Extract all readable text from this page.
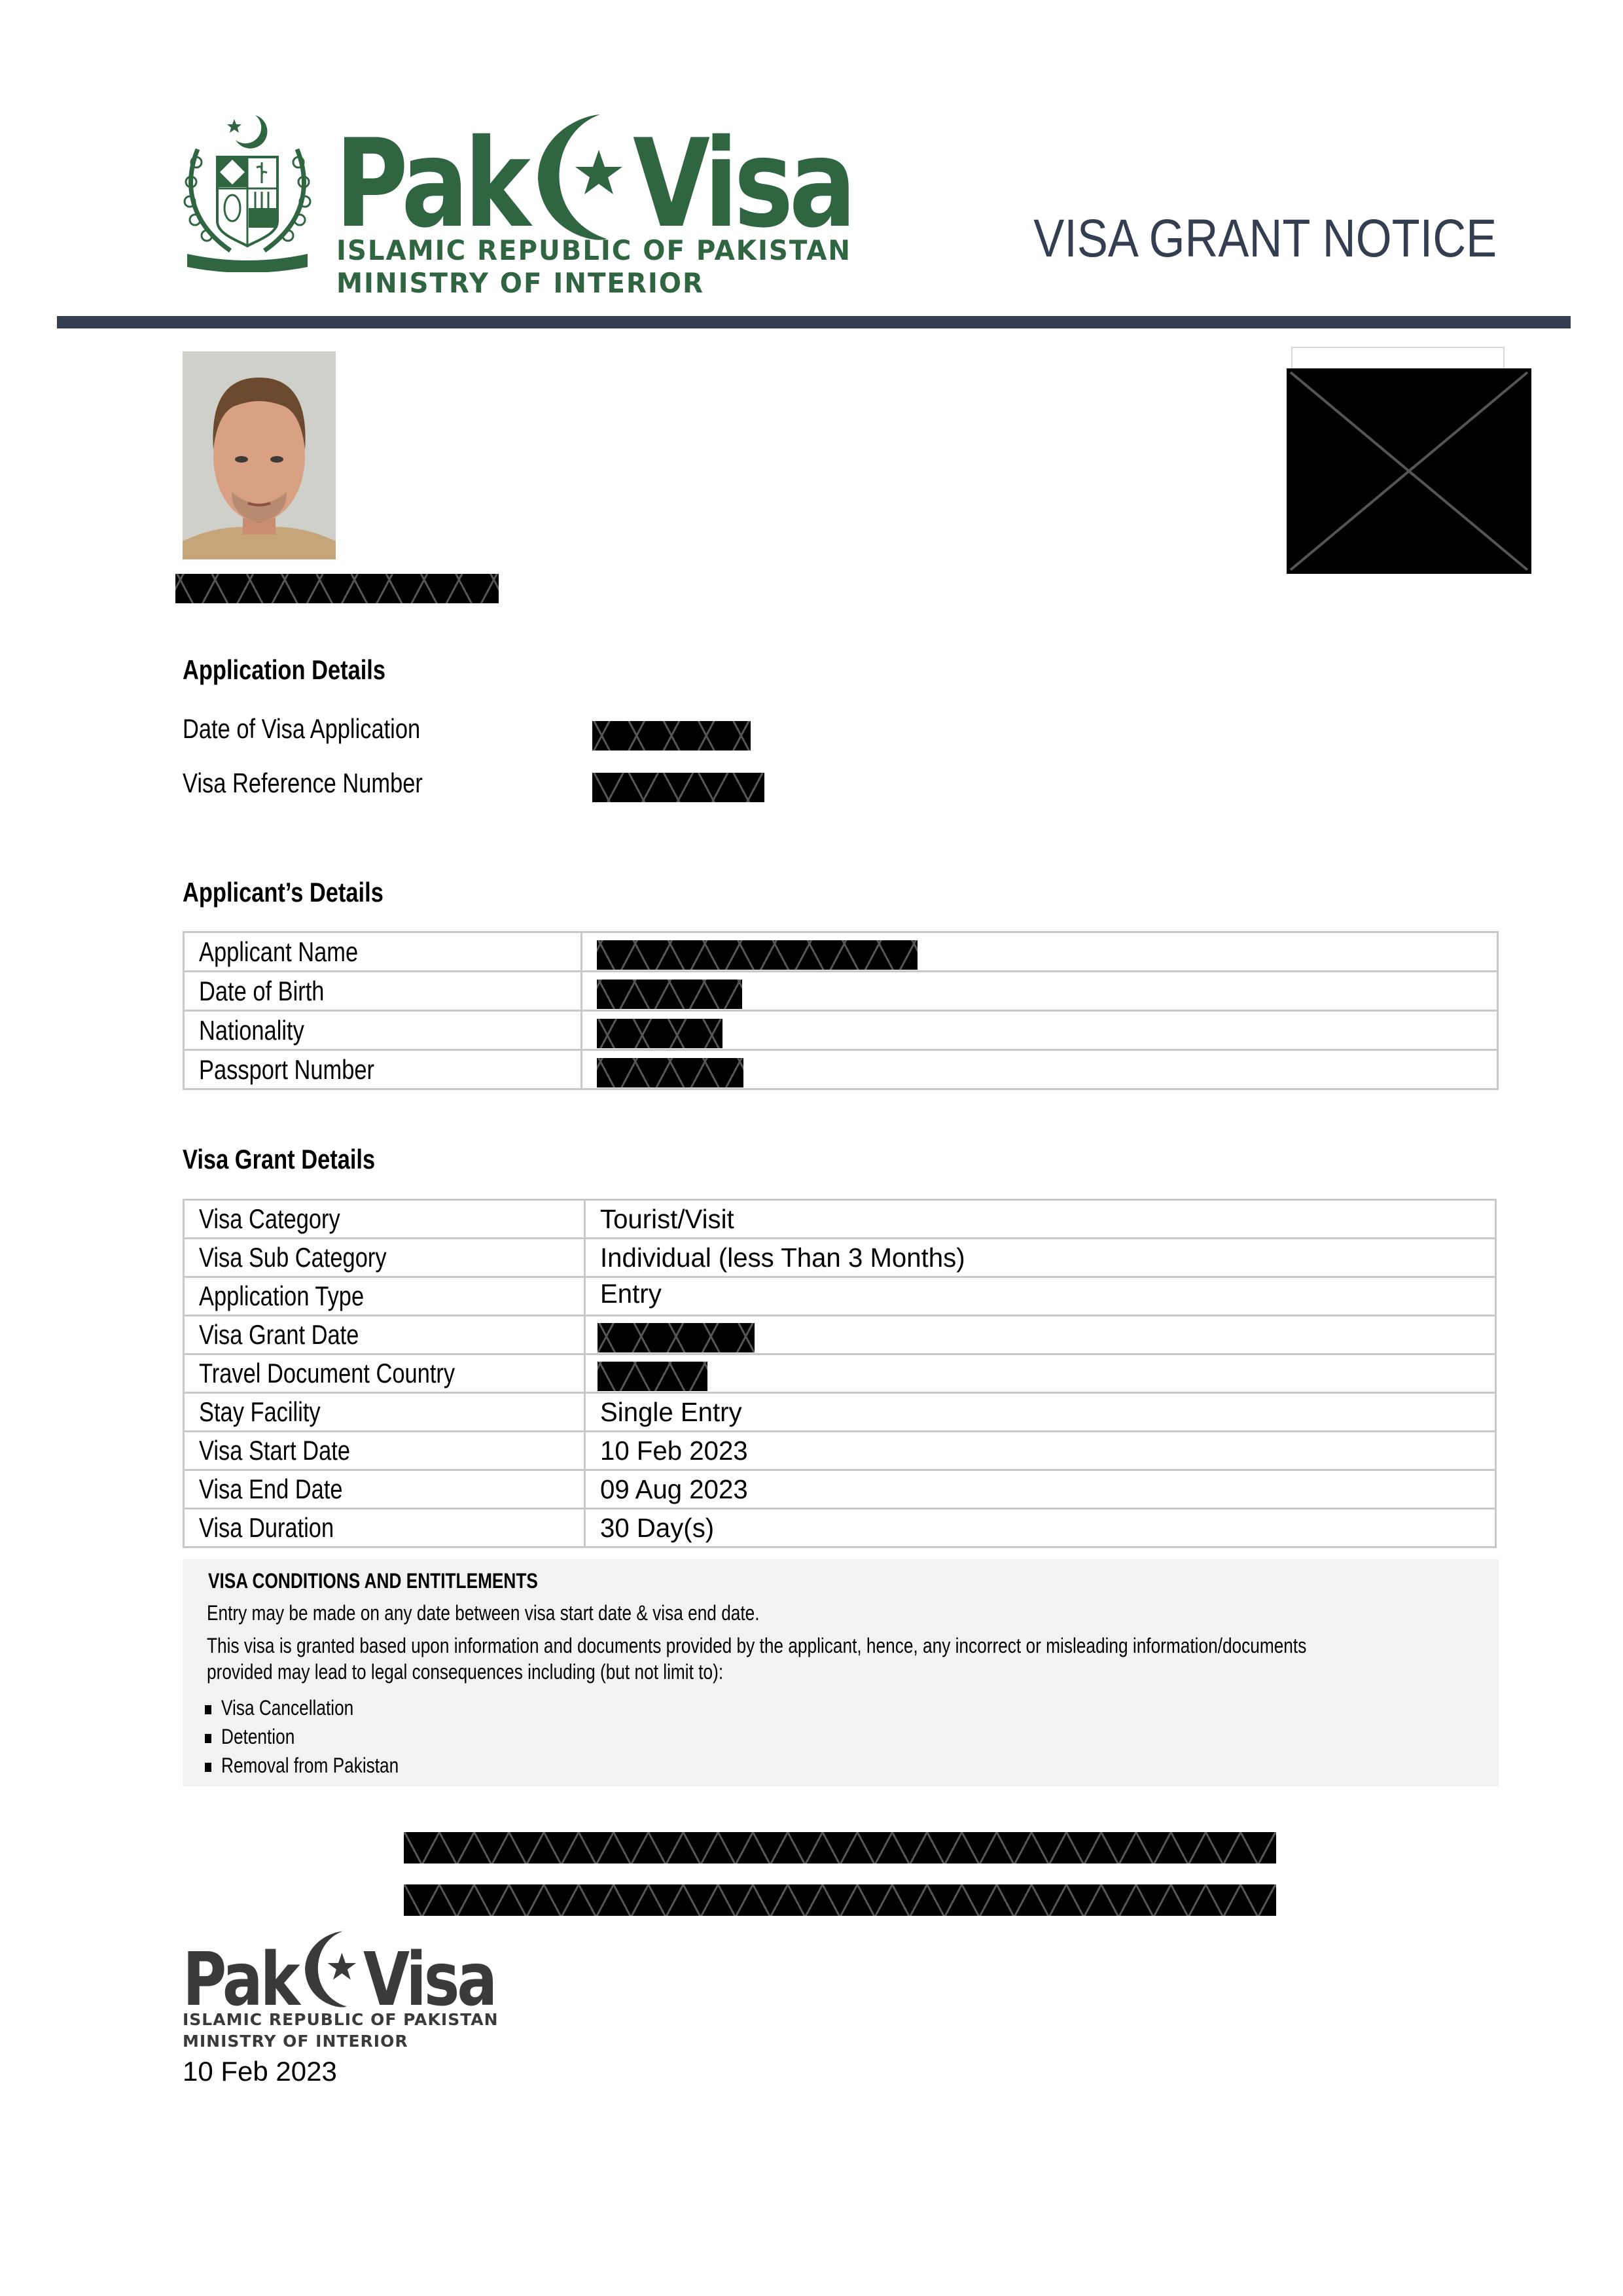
Pak Visa
ISLAMIC REPUBLIC OF PAKISTAN
MINISTRY OF INTERIOR
VISA GRANT NOTICE
Application Details
Date of Visa Application
Visa Reference Number
Applicant’s Details
Applicant Name	

Date of Birth	

Nationality	

Passport Number	
Visa Grant Details
Visa Category	Tourist/Visit
Visa Sub Category	Individual (less Than 3 Months)
Application Type	Entry
Visa Grant Date	

Travel Document Country	

Stay Facility	Single Entry
Visa Start Date	10 Feb 2023
Visa End Date	09 Aug 2023
Visa Duration	30 Day(s)
VISA CONDITIONS AND ENTITLEMENTS
Entry may be made on any date between visa start date & visa end date.
This visa is granted based upon information and documents provided by the applicant, hence, any incorrect or misleading information/documents
provided may lead to legal consequences including (but not limit to):
Visa Cancellation
Detention
Removal from Pakistan
Pak Visa
ISLAMIC REPUBLIC OF PAKISTAN
MINISTRY OF INTERIOR
10 Feb 2023
